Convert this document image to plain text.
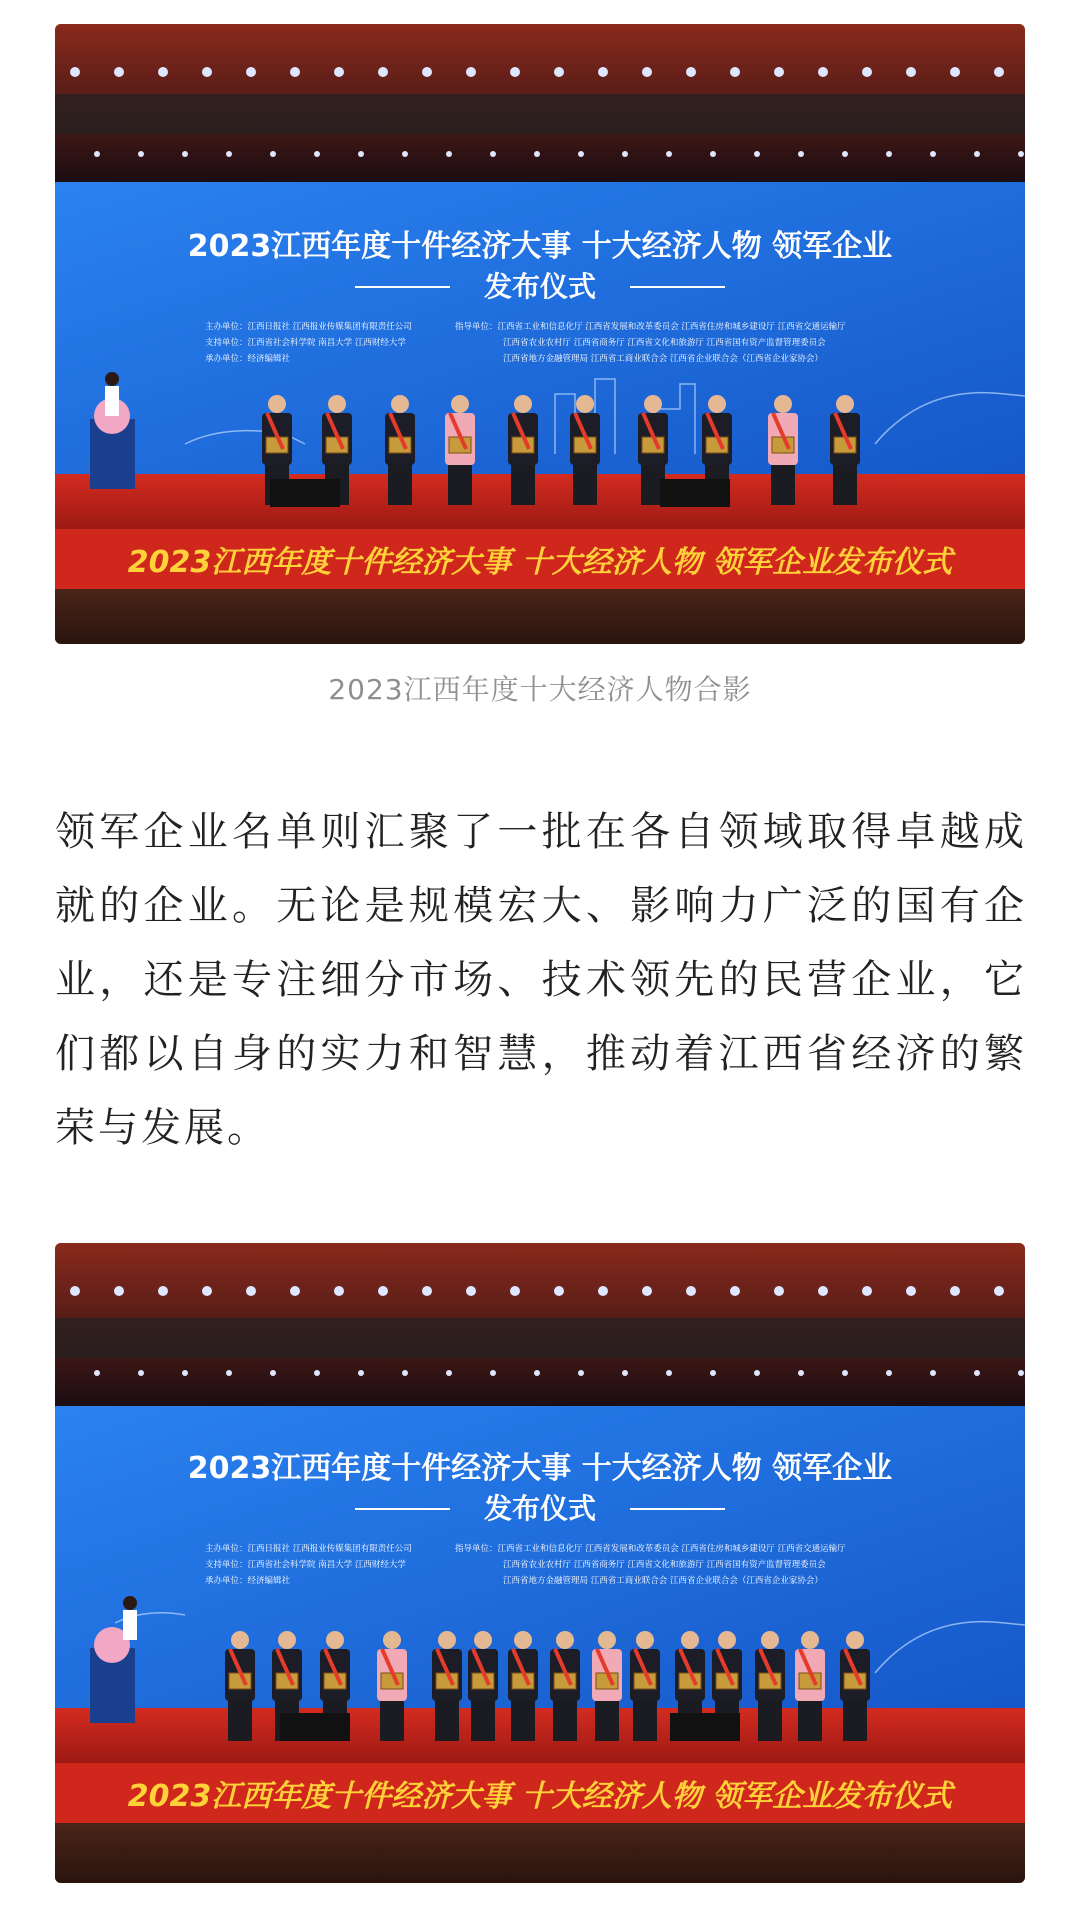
2023江西年度十件经济大事 十大经济人物 领军企业
发布仪式
主办单位：江西日报社 江西报业传媒集团有限责任公司
支持单位：江西省社会科学院 南昌大学 江西财经大学
承办单位：经济编辑社
指导单位：江西省工业和信息化厅 江西省发展和改革委员会 江西省住房和城乡建设厅 江西省交通运输厅
江西省农业农村厅 江西省商务厅 江西省文化和旅游厅 江西省国有资产监督管理委员会
江西省地方金融管理局 江西省工商业联合会 江西省企业联合会（江西省企业家协会）
2023江西年度十件经济大事 十大经济人物 领军企业发布仪式
2023江西年度十大经济人物合影

领军企业名单则汇聚了一批在各自领域取得卓越成就的企业。无论是规模宏大、影响力广泛的国有企业，还是专注细分市场、技术领先的民营企业，它们都以自身的实力和智慧，推动着江西省经济的繁荣与发展。

2023江西年度十件经济大事 十大经济人物 领军企业
发布仪式
主办单位：江西日报社 江西报业传媒集团有限责任公司
支持单位：江西省社会科学院 南昌大学 江西财经大学
承办单位：经济编辑社
指导单位：江西省工业和信息化厅 江西省发展和改革委员会 江西省住房和城乡建设厅 江西省交通运输厅
江西省农业农村厅 江西省商务厅 江西省文化和旅游厅 江西省国有资产监督管理委员会
江西省地方金融管理局 江西省工商业联合会 江西省企业联合会（江西省企业家协会）
2023江西年度十件经济大事 十大经济人物 领军企业发布仪式
